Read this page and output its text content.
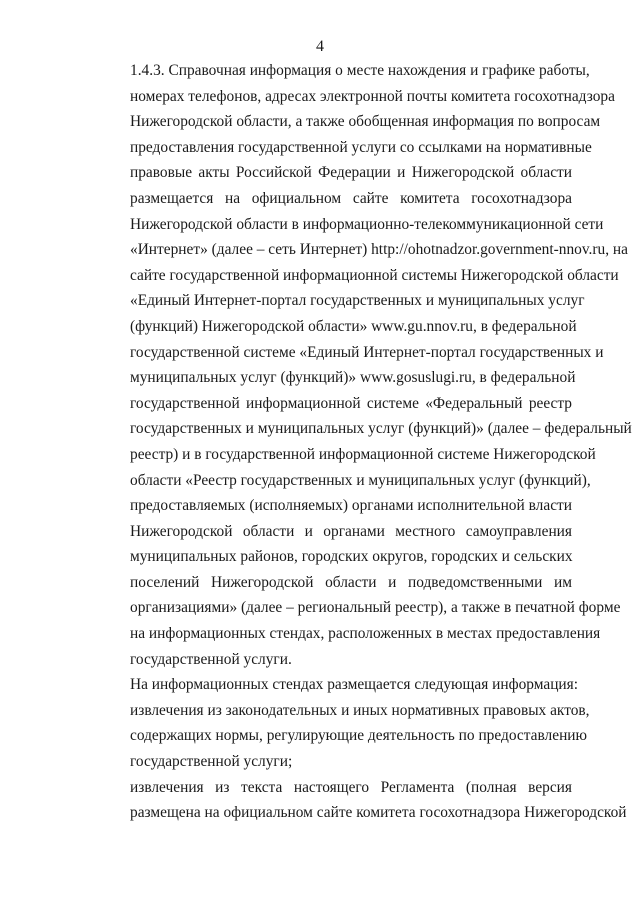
4

1.4.3. Справочная информация о месте нахождения и графике работы,
номерах телефонов, адресах электронной почты комитета госохотнадзора
Нижегородской области, а также обобщенная информация по вопросам
предоставления государственной услуги со ссылками на нормативные
правовые акты Российской Федерации и Нижегородской области
размещается на официальном сайте комитета госохотнадзора
Нижегородской области в информационно-телекоммуникационной сети
«Интернет» (далее – сеть Интернет) http://ohotnadzor.government-nnov.ru, на
сайте государственной информационной системы Нижегородской области
«Единый Интернет-портал государственных и муниципальных услуг
(функций) Нижегородской области» www.gu.nnov.ru, в федеральной
государственной системе «Единый Интернет-портал государственных и
муниципальных услуг (функций)» www.gosuslugi.ru, в федеральной
государственной информационной системе «Федеральный реестр
государственных и муниципальных услуг (функций)» (далее – федеральный
реестр) и в государственной информационной системе Нижегородской
области «Реестр государственных и муниципальных услуг (функций),
предоставляемых (исполняемых) органами исполнительной власти
Нижегородской области и органами местного самоуправления
муниципальных районов, городских округов, городских и сельских
поселений Нижегородской области и подведомственными им
организациями» (далее – региональный реестр), а также в печатной форме
на информационных стендах, расположенных в местах предоставления
государственной услуги.

На информационных стендах размещается следующая информация:

извлечения из законодательных и иных нормативных правовых актов,
содержащих нормы, регулирующие деятельность по предоставлению
государственной услуги;

извлечения из текста настоящего Регламента (полная версия
размещена на официальном сайте комитета госохотнадзора Нижегородской
